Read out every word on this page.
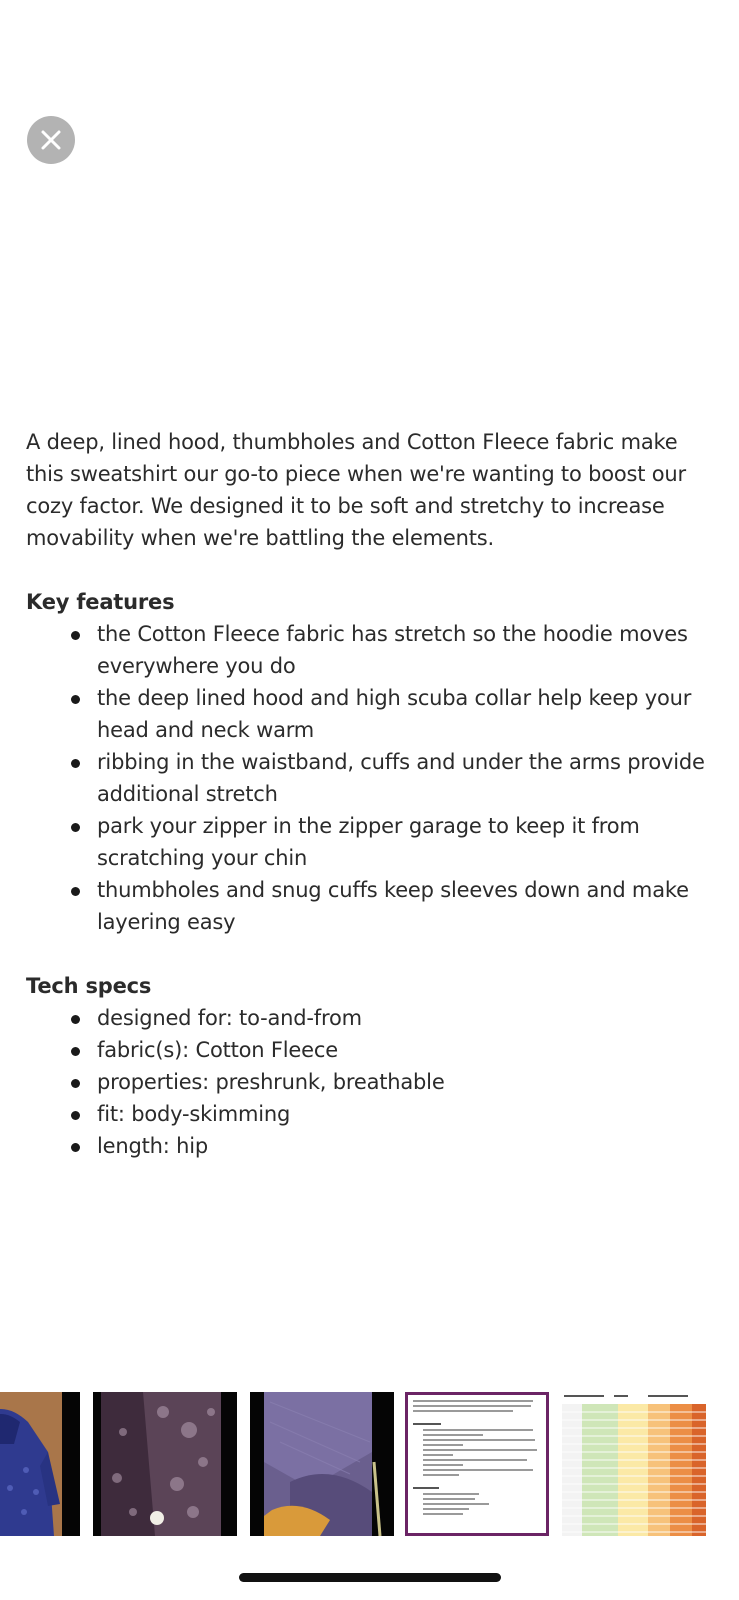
A deep, lined hood, thumbholes and Cotton Fleece fabric make this sweatshirt our go-to piece when we're wanting to boost our cozy factor. We designed it to be soft and stretchy to increase movability when we're battling the elements.

Key features
the Cotton Fleece fabric has stretch so the hoodie moves everywhere you do
the deep lined hood and high scuba collar help keep your head and neck warm
ribbing in the waistband, cuffs and under the arms provide additional stretch
park your zipper in the zipper garage to keep it from scratching your chin
thumbholes and snug cuffs keep sleeves down and make layering easy
Tech specs
designed for: to-and-from
fabric(s): Cotton Fleece
properties: preshrunk, breathable
fit: body-skimming
length: hip
